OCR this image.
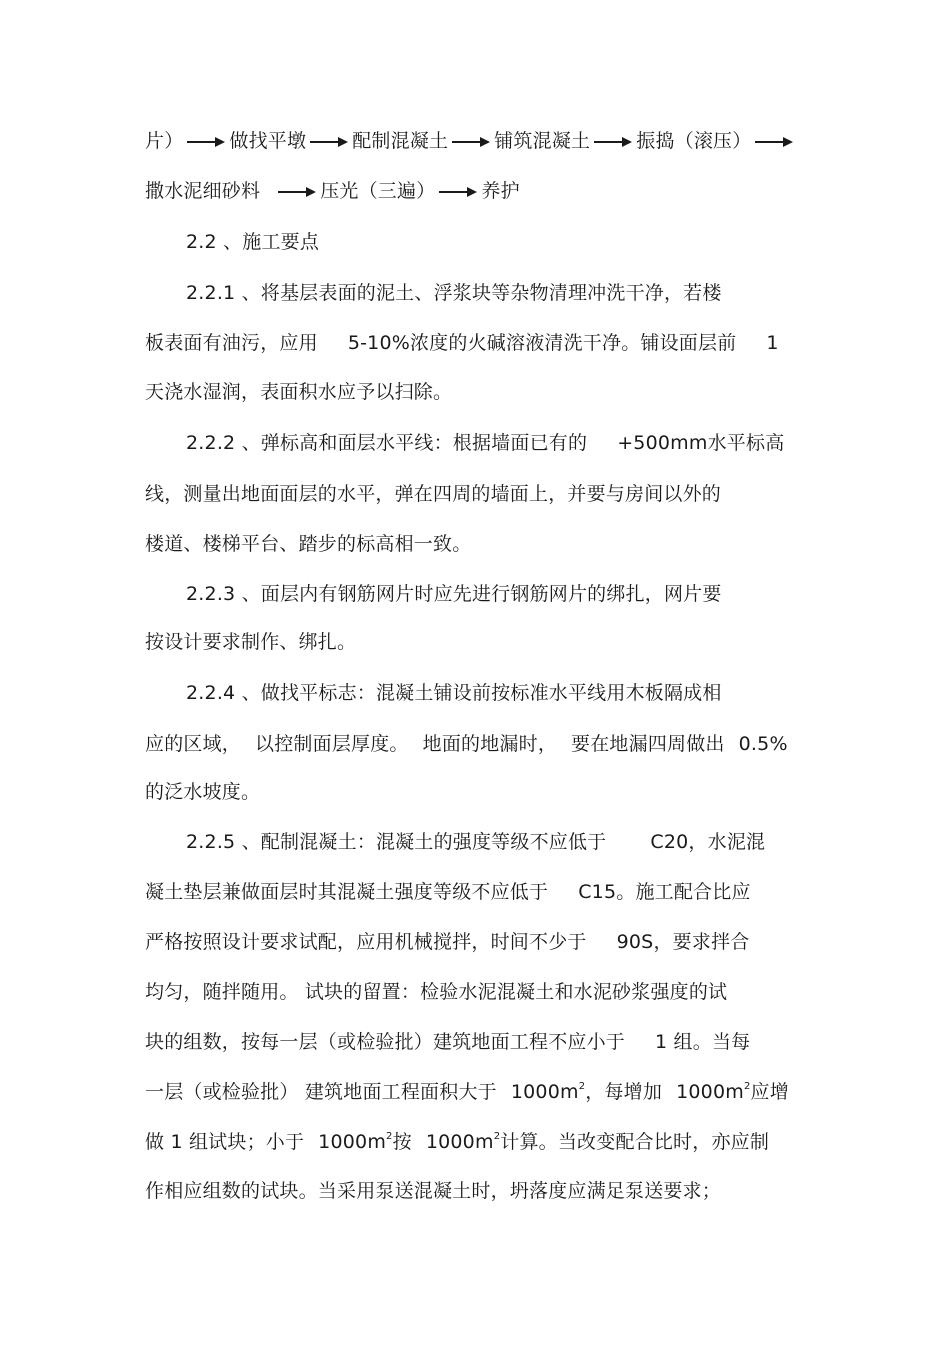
片） 做找平墩 配制混凝土 铺筑混凝土 振捣（滚压）
撒水泥细砂料	压光（三遍） 养护
2.2 、施工要点
2.2.1 、将基层表面的泥土、浮浆块等杂物清理冲洗干净，若楼
板表面有油污，应用 5-10%浓度的火碱溶液清洗干净。铺设面层前 1
天浇水湿润，表面积水应予以扫除。
2.2.2 、弹标高和面层水平线：根据墙面已有的 +500mm水平标高
线，测量出地面面层的水平，弹在四周的墙面上，并要与房间以外的
楼道、楼梯平台、踏步的标高相一致。
2.2.3 、面层内有钢筋网片时应先进行钢筋网片的绑扎，网片要
按设计要求制作、绑扎。
2.2.4 、做找平标志：混凝土铺设前按标准水平线用木板隔成相
应的区域， 以控制面层厚度。 地面的地漏时， 要在地漏四周做出 0.5%
的泛水坡度。
2.2.5 、配制混凝土：混凝土的强度等级不应低于 C20，水泥混
凝土垫层兼做面层时其混凝土强度等级不应低于 C15。施工配合比应
严格按照设计要求试配，应用机械搅拌，时间不少于 90S，要求拌合
均匀，随拌随用。 试块的留置：检验水泥混凝土和水泥砂浆强度的试
块的组数，按每一层（或检验批）建筑地面工程不应小于 1 组。当每
一层（或检验批） 建筑地面工程面积大于 $1000m^2$，每增加 $1000m^2$应增
做 1 组试块；小于 $1000m^2$按 $1000m^2$计算。当改变配合比时，亦应制
作相应组数的试块。当采用泵送混凝土时，坍落度应满足泵送要求；
